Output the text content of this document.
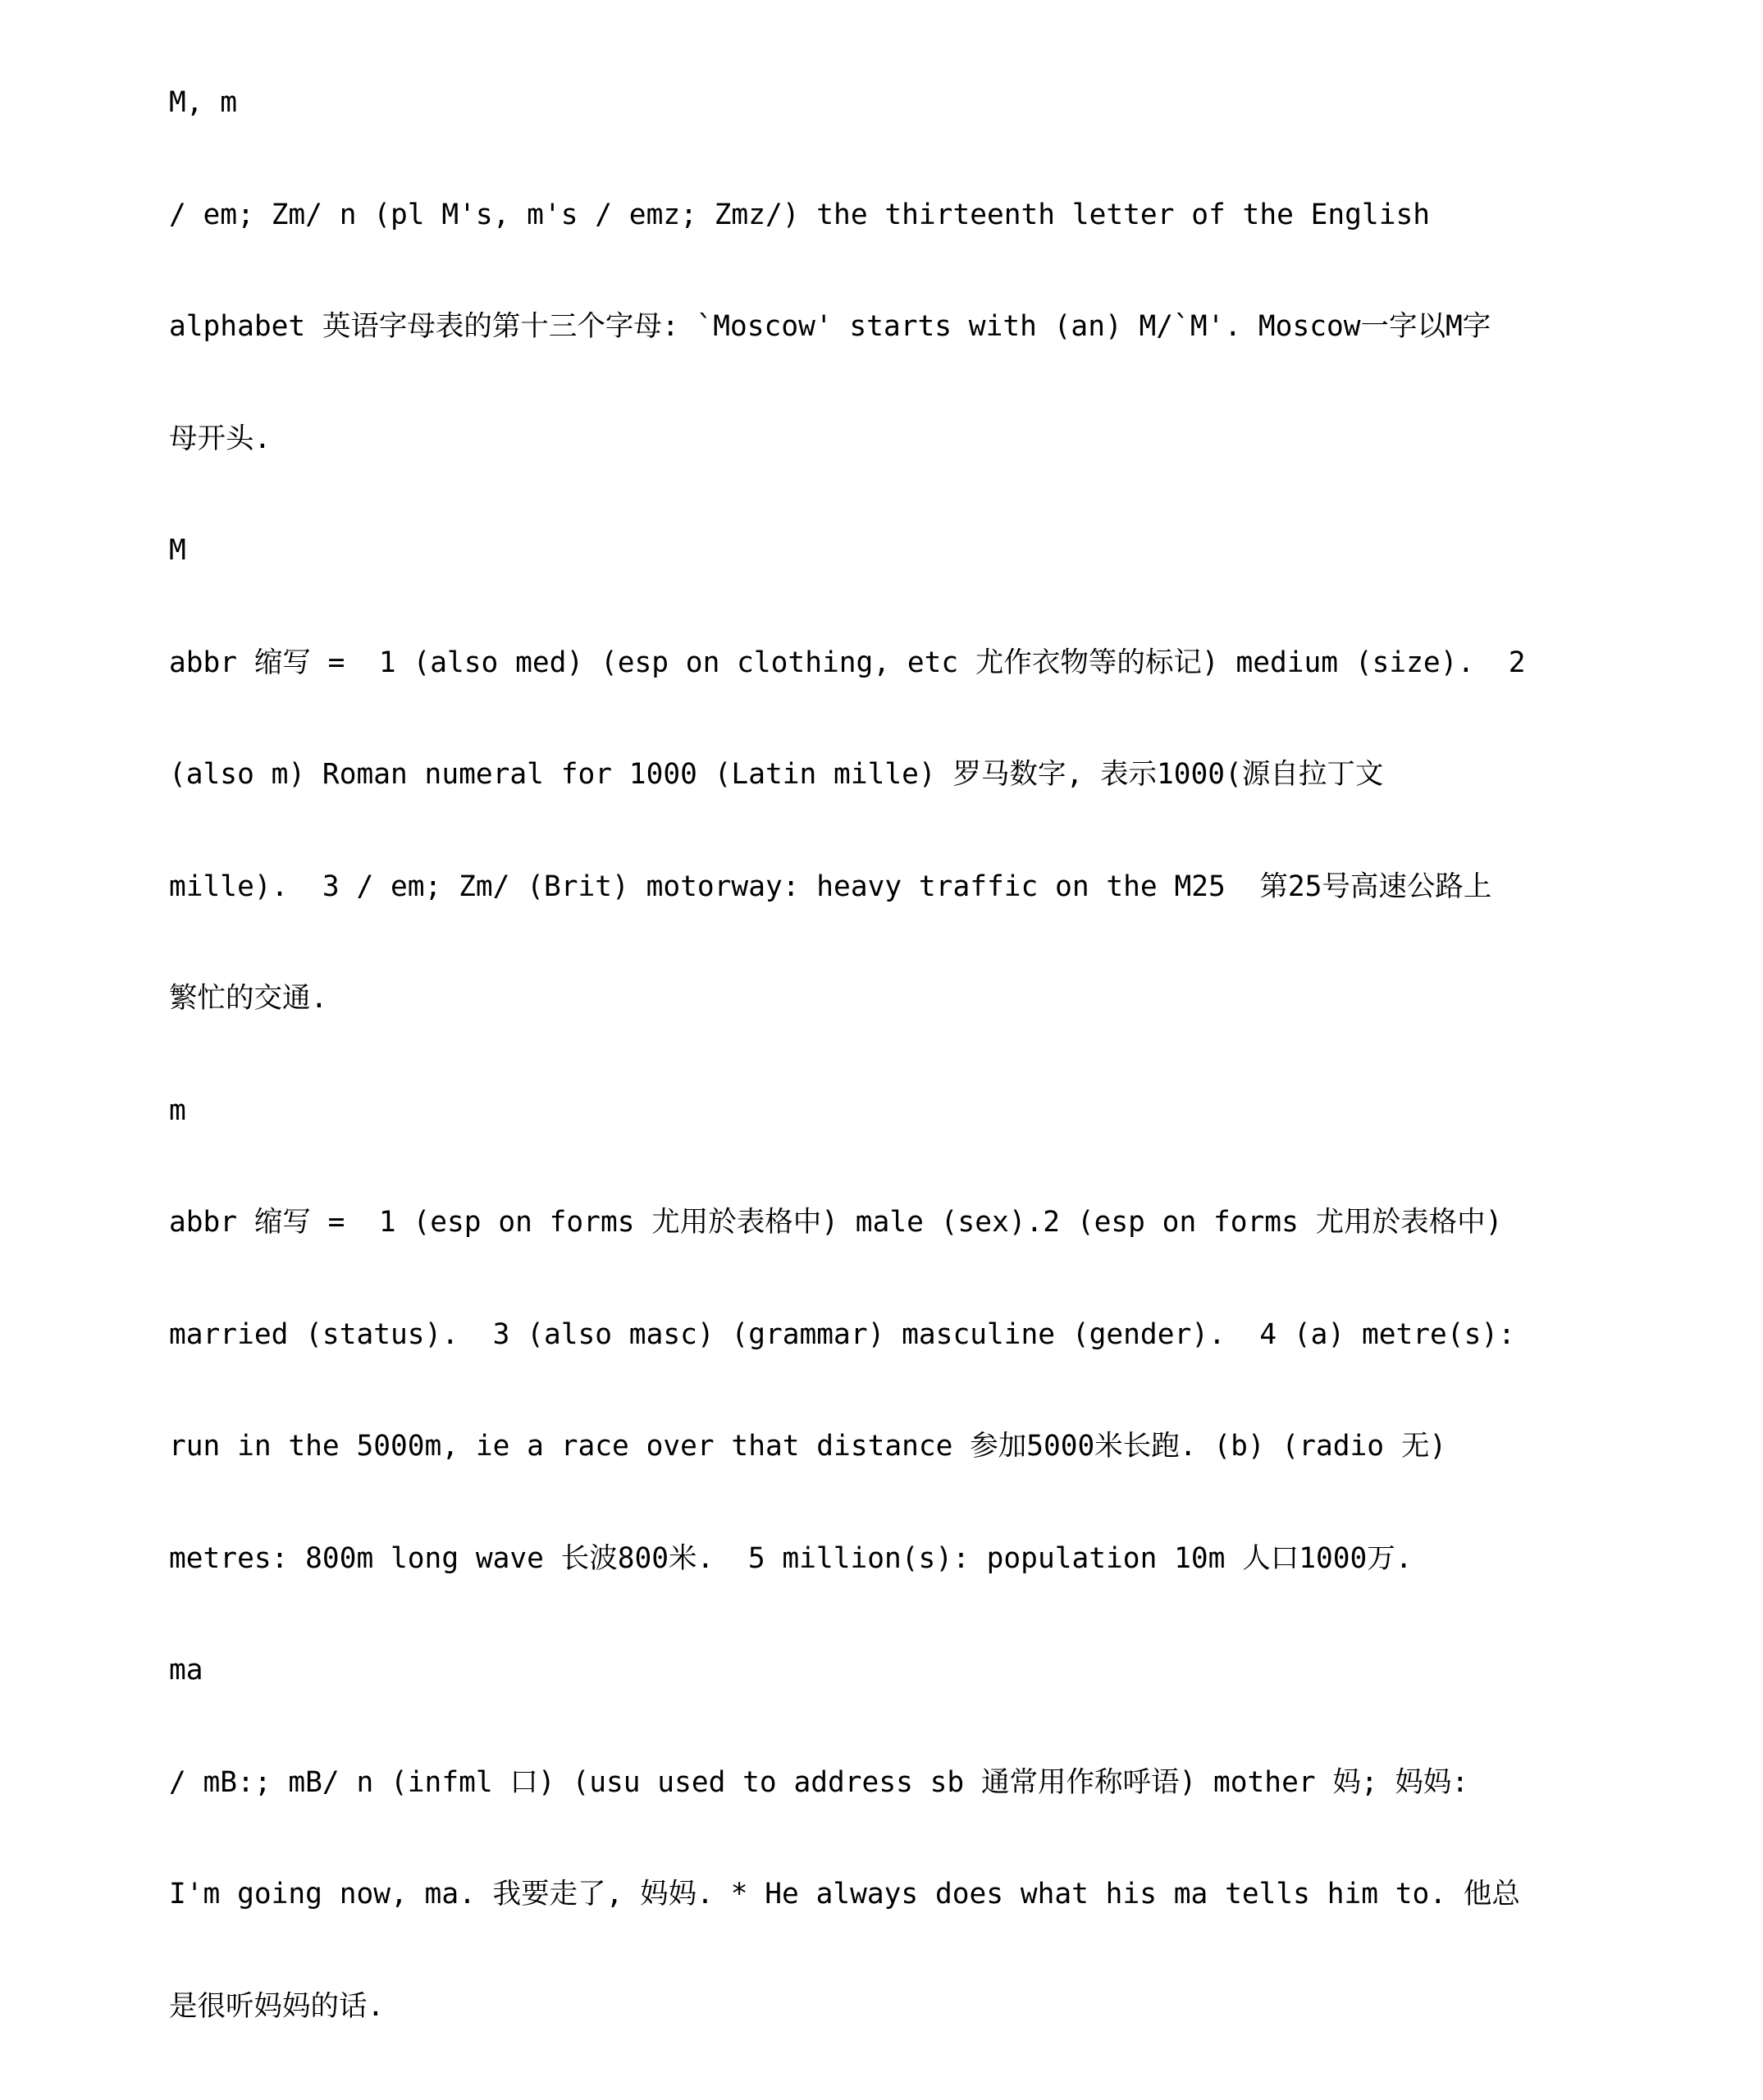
M, m

/ em; Zm/ n (pl M's, m's / emz; Zmz/) the thirteenth letter of the English

alphabet 英语字母表的第十三个字母: `Moscow' starts with (an) M/`M'. Moscow一字以M字

母开头.

M

abbr 缩写 =  1 (also med) (esp on clothing, etc 尤作衣物等的标记) medium (size).  2

(also m) Roman numeral for 1000 (Latin mille) 罗马数字, 表示1000(源自拉丁文

mille).  3 / em; Zm/ (Brit) motorway: heavy traffic on the M25  第25号高速公路上

繁忙的交通.

m

abbr 缩写 =  1 (esp on forms 尤用於表格中) male (sex).2 (esp on forms 尤用於表格中)

married (status).  3 (also masc) (grammar) masculine (gender).  4 (a) metre(s):

run in the 5000m, ie a race over that distance 参加5000米长跑. (b) (radio 无)

metres: 800m long wave 长波800米.  5 million(s): population 10m 人口1000万.

ma

/ mB:; mB/ n (infml 口) (usu used to address sb 通常用作称呼语) mother 妈; 妈妈:

I'm going now, ma. 我要走了, 妈妈. * He always does what his ma tells him to. 他总

是很听妈妈的话.
